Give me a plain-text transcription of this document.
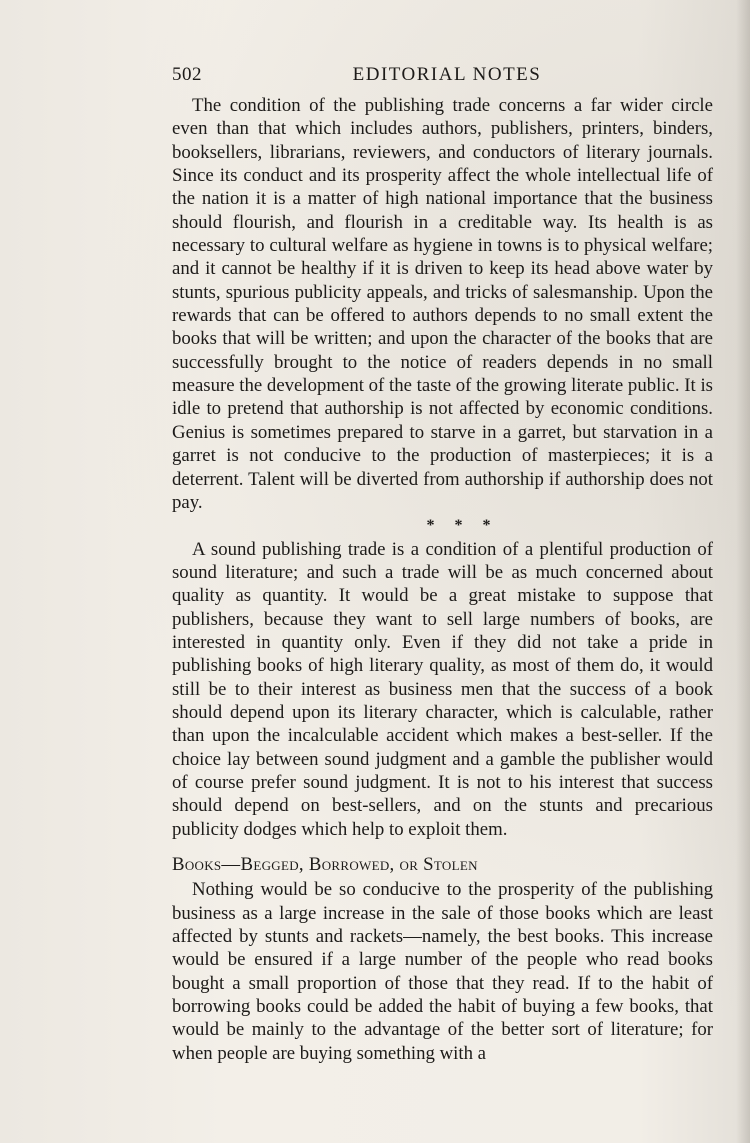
502	EDITORIAL NOTES

The condition of the publishing trade concerns a far wider circle even than that which includes authors, publishers, printers, binders, booksellers, librarians, reviewers, and conductors of literary journals. Since its conduct and its prosperity affect the whole intellectual life of the nation it is a matter of high national importance that the business should flourish, and flourish in a creditable way. Its health is as necessary to cultural welfare as hygiene in towns is to physical welfare; and it cannot be healthy if it is driven to keep its head above water by stunts, spurious publicity appeals, and tricks of salesmanship. Upon the rewards that can be offered to authors depends to no small extent the books that will be written; and upon the character of the books that are successfully brought to the notice of readers depends in no small measure the development of the taste of the growing literate public. It is idle to pretend that authorship is not affected by economic conditions. Genius is sometimes prepared to starve in a garret, but starvation in a garret is not conducive to the production of masterpieces; it is a deterrent. Talent will be diverted from authorship if authorship does not pay.

* * *

A sound publishing trade is a condition of a plentiful production of sound literature; and such a trade will be as much concerned about quality as quantity. It would be a great mistake to suppose that publishers, because they want to sell large numbers of books, are interested in quantity only. Even if they did not take a pride in publishing books of high literary quality, as most of them do, it would still be to their interest as business men that the success of a book should depend upon its literary character, which is calculable, rather than upon the incalculable accident which makes a best-seller. If the choice lay between sound judgment and a gamble the publisher would of course prefer sound judgment. It is not to his interest that success should depend on best-sellers, and on the stunts and precarious publicity dodges which help to exploit them.

Books—Begged, Borrowed, or Stolen

Nothing would be so conducive to the prosperity of the publishing business as a large increase in the sale of those books which are least affected by stunts and rackets—namely, the best books. This increase would be ensured if a large number of the people who read books bought a small proportion of those that they read. If to the habit of borrowing books could be added the habit of buying a few books, that would be mainly to the advantage of the better sort of literature; for when people are buying something with a
